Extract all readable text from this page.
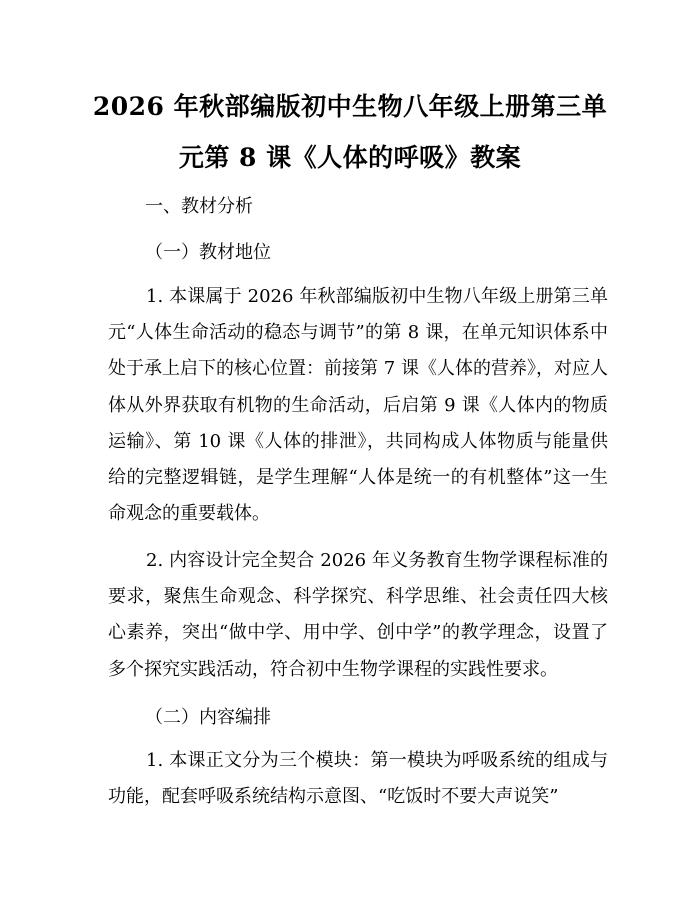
2026 年秋部编版初中生物八年级上册第三单
元第 8 课《人体的呼吸》教案
一、教材分析
（一）教材地位
1. 本课属于 2026 年秋部编版初中生物八年级上册第三单元“人体生命活动的稳态与调节”的第 8 课，在单元知识体系中处于承上启下的核心位置：前接第 7 课《人体的营养》，对应人体从外界获取有机物的生命活动，后启第 9 课《人体内的物质运输》、第 10 课《人体的排泄》，共同构成人体物质与能量供给的完整逻辑链，是学生理解“人体是统一的有机整体”这一生命观念的重要载体。
2. 内容设计完全契合 2026 年义务教育生物学课程标准的要求，聚焦生命观念、科学探究、科学思维、社会责任四大核心素养，突出“做中学、用中学、创中学”的教学理念，设置了多个探究实践活动，符合初中生物学课程的实践性要求。
（二）内容编排
1. 本课正文分为三个模块：第一模块为呼吸系统的组成与功能，配套呼吸系统结构示意图、“吃饭时不要大声说笑”
